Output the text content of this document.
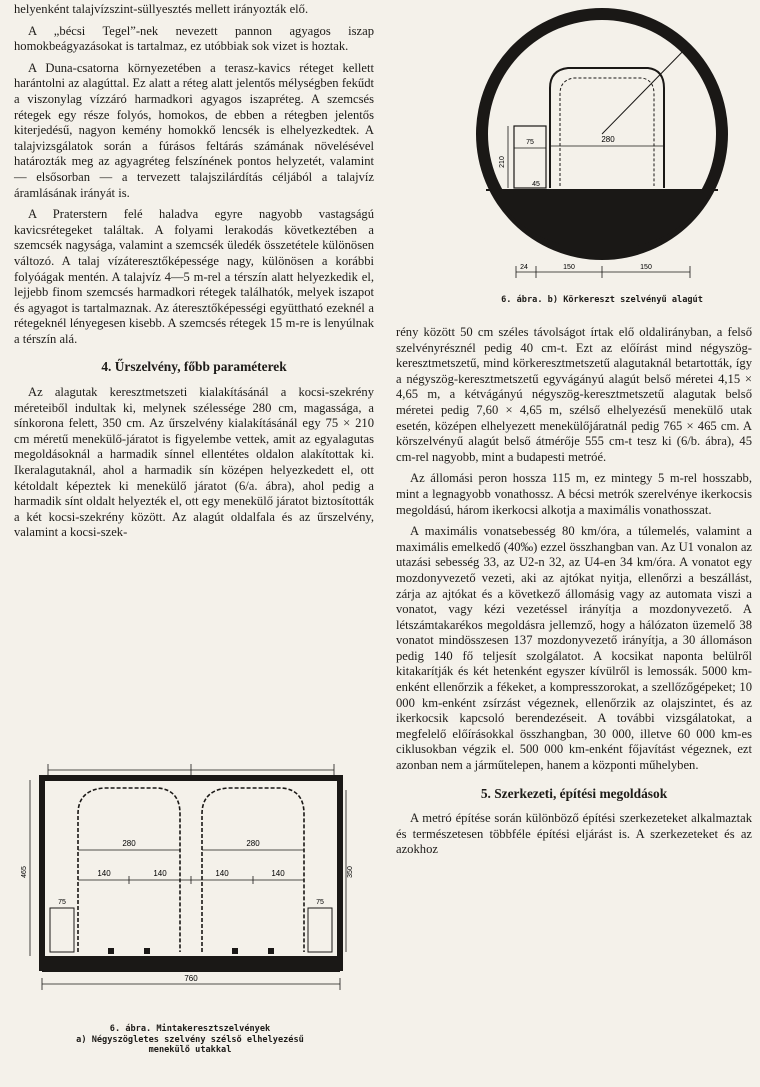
helyenként talajvízszint-süllyesztés mellett irányozták elő.

A „bécsi Tegel”-nek nevezett pannon agyagos iszap homokbeágyazásokat is tartalmaz, ez utóbbiak sok vizet is hoztak.

A Duna-csatorna környezetében a terasz-kavics réteget kellett harántolni az alagúttal. Ez alatt a réteg alatt jelentős mélységben fekűdt a viszonylag vízzáró harmadkori agyagos iszapréteg. A szemcsés rétegek egy része folyós, homokos, de ebben a rétegben jelentős kiterjedésű, nagyon kemény homokkő lencsék is elhelyezkedtek. A talajvizsgálatok során a fúrásos feltárás számának növelésével határozták meg az agyagréteg felszínének pontos helyzetét, valamint — elsősorban — a tervezett talajszilárdítás céljából a talajvíz áramlásának irányát is.

A Praterstern felé haladva egyre nagyobb vastagságú kavicsrétegeket találtak. A folyami lerakodás következtében a szemcsék nagysága, valamint a szemcsék üledék összetétele különösen változó. A talaj vízáteresztőképessége nagy, különösen a korábbi folyóágak mentén. A talajvíz 4—5 m-rel a térszín alatt helyezkedik el, lejjebb finom szemcsés harmadkori rétegek találhatók, melyek iszapot és agyagot is tartalmaznak. Az áteresztőképességi együttható ezeknél a rétegeknél lényegesen kisebb. A szemcsés rétegek 15 m-re is lenyúlnak a térszín alá.

4. Űrszelvény, főbb paraméterek

Az alagutak keresztmetszeti kialakításánál a kocsi-szekrény méreteiből indultak ki, melynek szélessége 280 cm, magassága, a sínkorona felett, 350 cm. Az űrszelvény kialakításánál egy 75 × 210 cm méretű menekülő-járatot is figyelembe vettek, amit az egyalagutas megoldásoknál a harmadik sínnel ellentétes oldalon alakítottak ki. Ikeralagutaknál, ahol a harmadik sín középen helyezkedett el, ott kétoldalt képeztek ki menekülő járatot (6/a. ábra), ahol pedig a harmadik sínt oldalt helyezték el, ott egy menekülő járatot biztosították a két kocsi-szekrény között. Az alagút oldalfala és az űrszelvény, valamint a kocsi-szek-

280
75
210
45
24	150	150
6. ábra. b) Körkereszt szelvényű alagút

rény között 50 cm széles távolságot írtak elő oldalirányban, a felső szelvényrésznél pedig 40 cm-t. Ezt az előírást mind négyszög-keresztmetszetű, mind körkeresztmetszetű alagutaknál betartották, így a négyszög-keresztmetszetű egyvágányú alagút belső méretei 4,15 × 4,65 m, a kétvágányú négyszög-keresztmetszetű alagutak belső méretei pedig 7,60 × 4,65 m, szélső elhelyezésű menekülő utak esetén, középen elhelyezett menekülőjáratnál pedig 765 × 465 cm. A körszelvényű alagút belső átmérője 555 cm-t tesz ki (6/b. ábra), 45 cm-rel nagyobb, mint a budapesti metróé.

Az állomási peron hossza 115 m, ez mintegy 5 m-rel hosszabb, mint a legnagyobb vonathossz. A bécsi metrók szerelvénye ikerkocsis megoldású, három ikerkocsi alkotja a maximális vonathosszat.

A maximális vonatsebesség 80 km/óra, a túlemelés, valamint a maximális emelkedő (40‰) ezzel összhangban van. Az U1 vonalon az utazási sebesség 33, az U2-n 32, az U4-en 34 km/óra. A vonatot egy mozdonyvezető vezeti, aki az ajtókat nyitja, ellenőrzi a beszállást, zárja az ajtókat és a következő állomásig vagy az automata viszi a vonatot, vagy kézi vezetéssel irányítja a mozdonyvezető. A létszámtakarékos megoldásra jellemző, hogy a hálózaton üzemelő 38 vonatot mindösszesen 137 mozdonyvezető irányítja, a 30 állomáson pedig 140 fő teljesít szolgálatot. A kocsikat naponta belülről kitakarítják és két hetenként egyszer kívülről is lemossák. 5000 km-enként ellenőrzik a fékeket, a kompresszorokat, a szellőzőgépeket; 10 000 km-enként zsírzást végeznek, ellenőrzik az olajszintet, és az ikerkocsik kapcsoló berendezéseit. A további vizsgálatokat, a megfelelő előírásokkal összhangban, 30 000, illetve 60 000 km-es ciklusokban végzik el. 500 000 km-enként főjavítást végeznek, ezt azonban nem a járműtelepen, hanem a központi műhelyben.

5. Szerkezeti, építési megoldások

A metró építése során különböző építési szerkezeteket alkalmaztak és természetesen többféle építési eljárást is. A szerkezeteket és az azokhoz

280	280
140	140	140	140
465	350
75	75
760
6. ábra. Mintakeresztszelvények
a) Négyszögletes szelvény szélső elhelyezésű
menekülő utakkal
